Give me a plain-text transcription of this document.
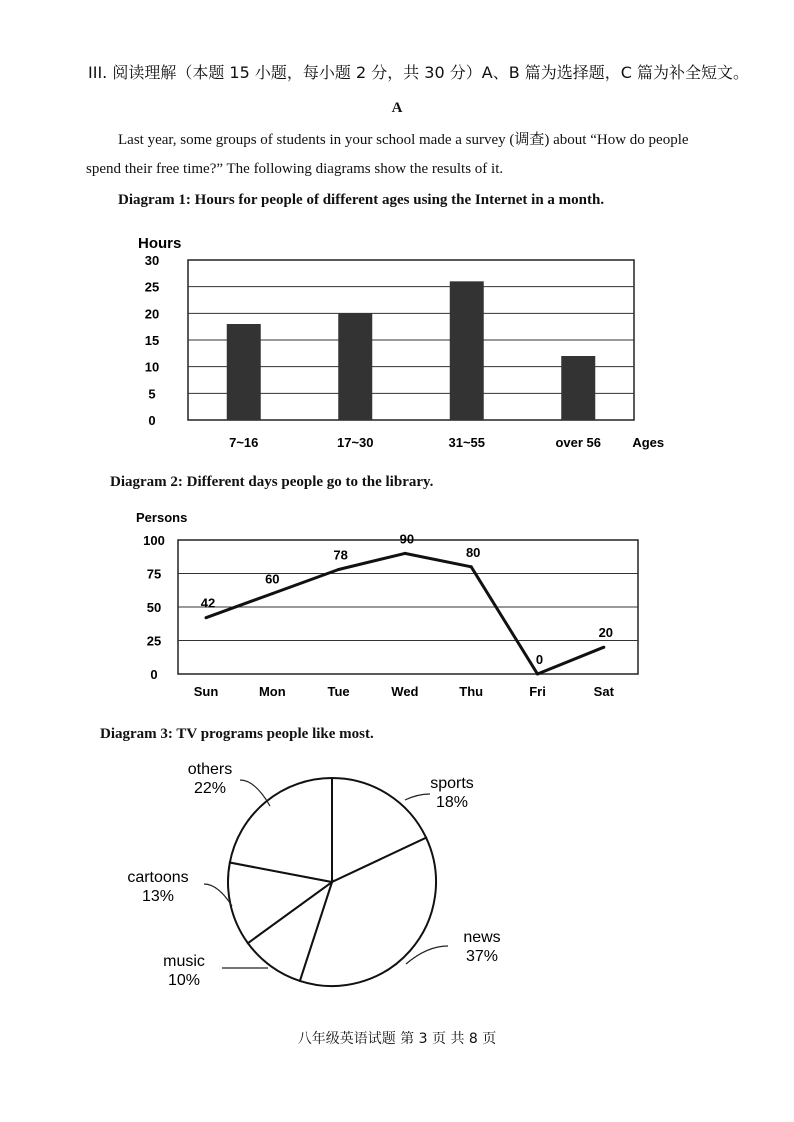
III. 阅读理解（本题 15 小题，每小题 2 分，共 30 分）A、B 篇为选择题，C 篇为补全短文。
A
Last year, some groups of students in your school made a survey (调查) about “How do people
spend their free time?” The following diagrams show the results of it.
Diagram 1: Hours for people of different ages using the Internet in a month.
Hours
0
5
10
15
20
25
30
7~16	17~30	31~55	over 56 Ages
Diagram 2: Different days people go to the library.
Persons
0
25
50
75
100
42
Sun
60
Mon
78
Tue
90
Wed
80
Thu
0
Fri
20
Sat
Diagram 3: TV programs people like most.
sports
18%
news
37%
music
10%
cartoons
13%
others
22%
八年级英语试题 第 3 页 共 8 页
